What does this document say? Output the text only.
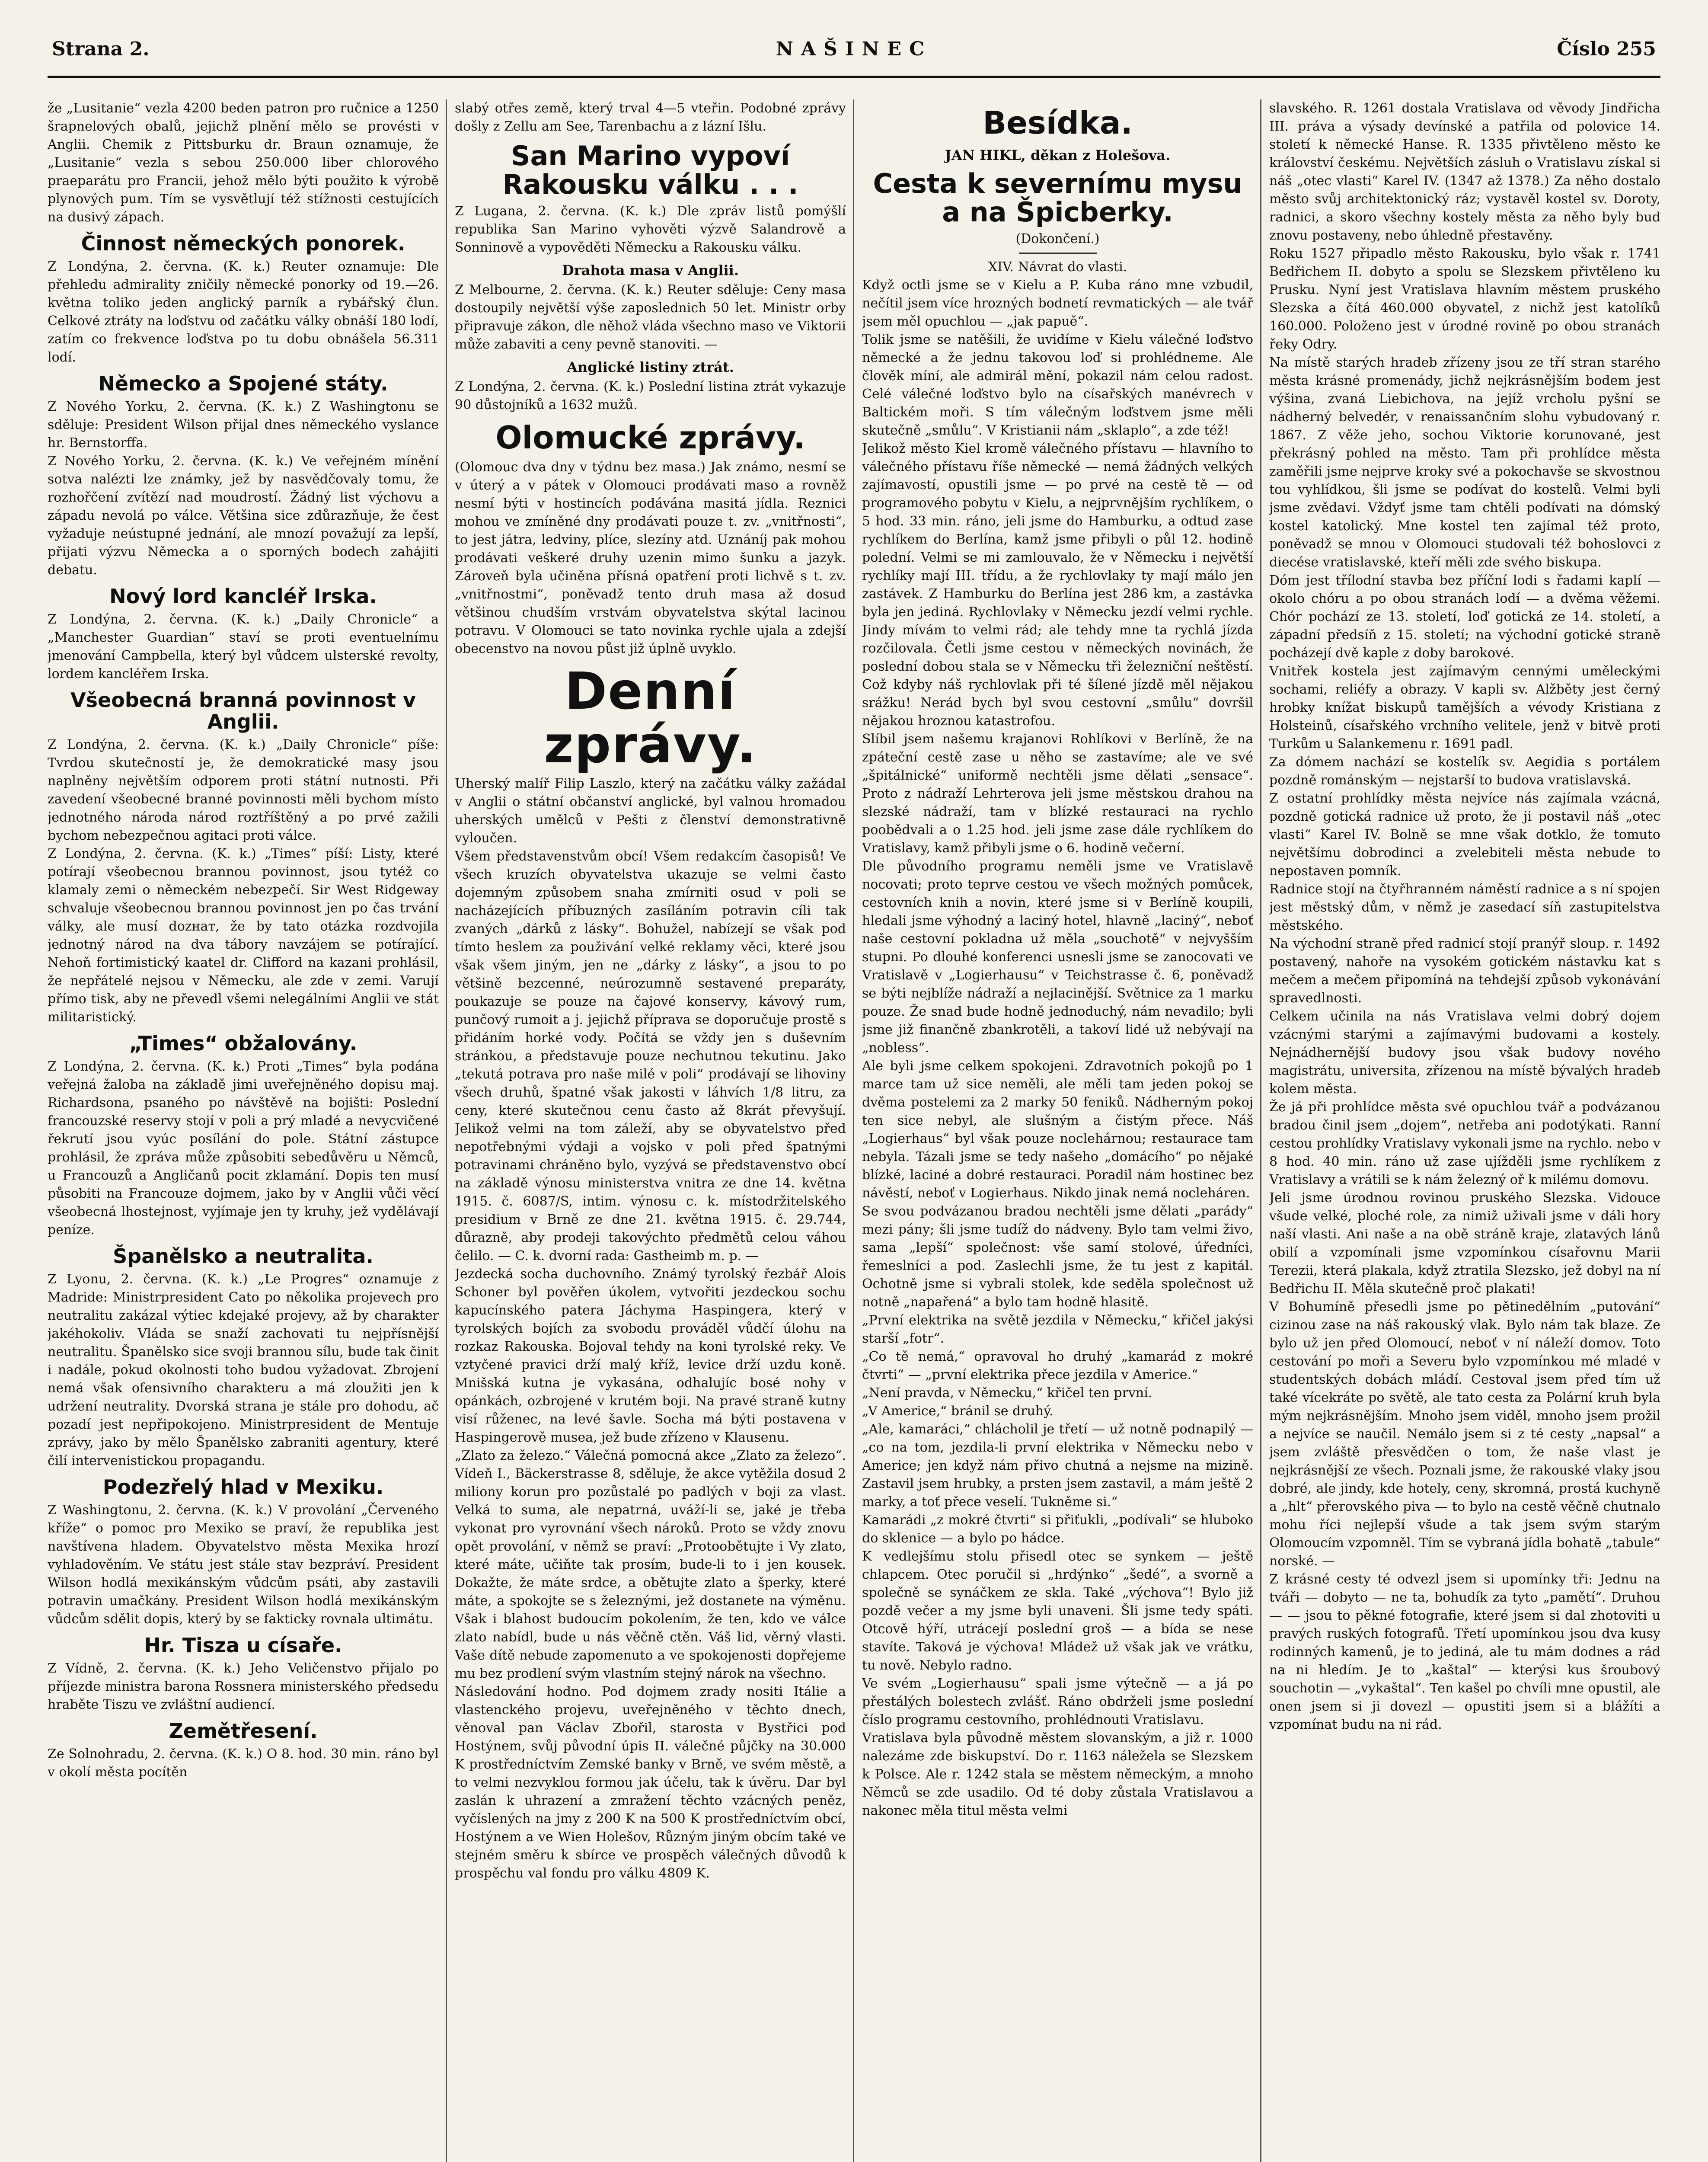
Strana 2.	NAŠINEC	Číslo 255

že „Lusitanie“ vezla 4200 beden patron pro ručnice a 1250 šrapnelových obalů, jejichž plnění mělo se provésti v Anglii. Chemik z Pittsburku dr. Braun oznamuje, že „Lusitanie“ vezla s sebou 250.000 liber chlorového praeparátu pro Francii, jehož mělo býti použito k výrobě plynových pum. Tím se vysvětlují též stížnosti cestujících na dusivý zápach.

Činnost německých ponorek.

Z Londýna, 2. června. (K. k.) Reuter oznamuje: Dle přehledu admirality zničily německé ponorky od 19.—26. května toliko jeden anglický parník a rybářský člun. Celkové ztráty na loďstvu od začátku války obnáší 180 lodí, zatím co frekvence loďstva po tu dobu obnášela 56.311 lodí.

Německo a Spojené státy.

Z Nového Yorku, 2. června. (K. k.) Z Washingtonu se sděluje: President Wilson přijal dnes německého vyslance hr. Bernstorffa.

Z Nového Yorku, 2. června. (K. k.) Ve veřejném mínění sotva nalézti lze známky, jež by nasvědčovaly tomu, že rozhořčení zvítězí nad moudrostí. Žádný list výchovu a západu nevolá po válce. Většina sice zdůrazňuje, že čest vyžaduje neústupné jednání, ale mnozí považují za lepší, přijati výzvu Německa a o sporných bodech zahájiti debatu.

Nový lord kancléř Irska.

Z Londýna, 2. června. (K. k.) „Daily Chronicle“ a „Manchester Guardian“ staví se proti eventuelnímu jmenování Campbella, který byl vůdcem ulsterské revolty, lordem kancléřem Irska.

Všeobecná branná povinnost v Anglii.

Z Londýna, 2. června. (K. k.) „Daily Chronicle“ píše: Tvrdou skutečností je, že demokratické masy jsou naplněny největším odporem proti státní nutnosti. Při zavedení všeobecné branné povinnosti měli bychom místo jednotného národa národ roztříštěný a po prvé zažili bychom nebezpečnou agitaci proti válce.

Z Londýna, 2. června. (K. k.) „Times“ píší: Listy, které potírají všeobecnou brannou povinnost, jsou tytéž co klamaly zemi o německém nebezpečí. Sir West Ridgeway schvaluje všeobecnou brannou povinnost jen po čas trvání války, ale musí dozнат, že by tato otázka rozdvojila jednotný národ na dva tábory navzájem se potírající. Nehoň fortimistický kaatel dr. Clifford na kazani prohlásil, že nepřátelé nejsou v Německu, ale zde v zemi. Varují přímo tisk, aby ne převedl všemi nelegálními Anglii ve stát militaristický.

„Times“ obžalovány.

Z Londýna, 2. června. (K. k.) Proti „Times“ byla podána veřejná žaloba na základě jimi uveřejněného dopisu maj. Richardsona, psaného po návštěvě na bojišti: Poslední francouzské reservy stojí v poli a prý mladé a nevycvičené řekrutí jsou vyúc posílání do pole. Státní zástupce prohlásil, že zpráva může způsobiti sebedůvěru u Němců, u Francouzů a Angličanů pocit zklamání. Dopis ten musí působiti na Francouze dojmem, jako by v Anglii vůči věcí všeobecná lhostejnost, vyjímaje jen ty kruhy, jež vydělávají peníze.

Španělsko a neutralita.

Z Lyonu, 2. června. (K. k.) „Le Progres“ oznamuje z Madride: Ministrpresident Cato po několika projevech pro neutralitu zakázal výtiec kdejaké projevy, až by charakter jakéhokoliv. Vláda se snaží zachovati tu nejpřísnější neutralitu. Španělsko sice svoji brannou sílu, bude tak činit i nadále, pokud okolnosti toho budou vyžadovat. Zbrojení nemá však ofensivního charakteru a má zloužiti jen k udržení neutrality. Dvorská strana je stále pro dohodu, ač pozadí jest nepřipokojeno. Ministrpresident de Mentuje zprávy, jako by mělo Španělsko zabraniti agentury, které čilí intervenistickou propagandu.

Podezřelý hlad v Mexiku.

Z Washingtonu, 2. června. (K. k.) V provolání „Červeného kříže“ o pomoc pro Mexiko se praví, že republika jest navštívena hladem. Obyvatelstvo města Mexika hrozí vyhladověním. Ve státu jest stále stav bezpráví. President Wilson hodlá mexikánským vůdcům psáti, aby zastavili potravin umačkány. President Wilson hodlá mexikánským vůdcům sdělit dopis, který by se fakticky rovnala ultimátu.

Hr. Tisza u císaře.

Z Vídně, 2. června. (K. k.) Jeho Veličenstvo přijalo po příjezde ministra barona Rossnera ministerského předsedu hraběte Tiszu ve zvláštní audiencí.

Zemětřesení.

Ze Solnohradu, 2. června. (K. k.) O 8. hod. 30 min. ráno byl v okolí města pocítěn

slabý otřes země, který trval 4—5 vteřin. Podobné zprávy došly z Zellu am See, Tarenbachu a z lázní Išlu.

San Marino vypoví Rakousku válku . . .

Z Lugana, 2. června. (K. k.) Dle zpráv listů pomýšlí republika San Marino vyhověti výzvě Salandrově a Sonninově a vypověděti Německu a Rakousku válku.

Drahota masa v Anglii.

Z Melbourne, 2. června. (K. k.) Reuter sděluje: Ceny masa dostoupily největší výše zaposlednich 50 let. Ministr orby připravuje zákon, dle něhož vláda všechno maso ve Viktorii může zabaviti a ceny pevně stanoviti. —

Anglické listiny ztrát.

Z Londýna, 2. června. (K. k.) Poslední listina ztrát vykazuje 90 důstojníků a 1632 mužů.

Olomucké zprávy.

(Olomouc dva dny v týdnu bez masa.) Jak známo, nesmí se v úterý a v pátek v Olomouci prodávati maso a rovněž nesmí býti v hostincích podávána masitá jídla. Reznici mohou ve zmíněné dny prodávati pouze t. zv. „vnitřnosti“, to jest játra, ledviny, plíce, slezíny atd. Uznáníj pak mohou prodávati veškeré druhy uzenin mimo šunku a jazyk. Zároveň byla učiněna přísná opatření proti lichvě s t. zv. „vnitřnostmi“, poněvadž tento druh masa až dosud většinou chudším vrstvám obyvatelstva skýtal lacinou potravu. V Olomouci se tato novinka rychle ujala a zdejší obecenstvo na novou půst již úplně uvyklo.

Denní zprávy.

Uherský malíř Filip Laszlo, který na začátku války zažádal v Anglii o státní občanství anglické, byl valnou hromadou uherských umělců v Pešti z členství demonstrativně vyloučen.

Všem představenstvům obcí! Všem redakcím časopisů! Ve všech kruzích obyvatelstva ukazuje se velmi často dojemným způsobem snaha zmírniti osud v poli se nacházejících příbuzných zasíláním potravin cíli tak zvaných „dárků z lásky“. Bohužel, nabízejí se však pod tímto heslem za použivání velké reklamy věci, které jsou však všem jiným, jen ne „dárky z lásky“, a jsou to po většině bezcenné, neúrozumně sestavené preparáty, poukazuje se pouze na čajové konservy, kávový rum, punčový rumoit a j. jejichž příprava se doporučuje prostě s přidáním horké vody. Počítá se vždy jen s duševním stránkou, a představuje pouze nechutnou tekutinu. Jako „tekutá potrava pro naše milé v poli“ prodávají se lihoviny všech druhů, špatné však jakosti v láhvích 1/8 litru, za ceny, které skutečnou cenu často až 8krát převyšují. Jelikož velmi na tom záleží, aby se obyvatelstvo před nepotřebnými výdaji a vojsko v poli před špatnými potravinami chráněno bylo, vyzývá se představenstvo obcí na základě výnosu ministerstva vnitra ze dne 14. května 1915. č. 6087/S, intim. výnosu c. k. místodržitelského presidium v Brně ze dne 21. května 1915. č. 29.744, důrazně, aby prodeji takovýchto předmětů celou váhou čelilo. — C. k. dvorní rada: Gastheimb m. p. —

Jezdecká socha duchovního. Známý tyrolský řezbář Alois Schoner byl pověřen úkolem, vytvořiti jezdeckou sochu kapucínského patera Jáchyma Haspingera, který v tyrolských bojích za svobodu prováděl vůdčí úlohu na rozkaz Rakouska. Bojoval tehdy na koni tyrolské reky. Ve vztyčené pravici drží malý kříž, levice drží uzdu koně. Mnišská kutna je vykasána, odhalujíc bosé nohy v opánkách, ozbrojené v krutém boji. Na pravé straně kutny visí růženec, na levé šavle. Socha má býti postavena v Haspingerově musea, jež bude zřízeno v Klausenu.

„Zlato za železo.“ Válečná pomocná akce „Zlato za železo“. Vídeň I., Bäckerstrasse 8, sděluje, že akce vytěžila dosud 2 miliony korun pro pozůstalé po padlých v boji za vlast. Velká to suma, ale nepatrná, uváží-li se, jaké je třeba vykonat pro vyrovnání všech nároků. Proto se vždy znovu opět provolání, v němž se praví: „Protoobětujte i Vy zlato, které máte, učiňte tak prosím, bude-li to i jen kousek. Dokažte, že máte srdce, a obětujte zlato a šperky, které máte, a spokojte se s železnými, jež dostanete na výměnu. Však i blahost budoucím pokolením, že ten, kdo ve válce zlato nabídl, bude u nás věčně ctěn. Váš lid, věrný vlasti. Vaše dítě nebude zapomenuto a ve spokojenosti dopřejeme mu bez prodlení svým vlastním stejný nárok na všechno.

Následování hodno. Pod dojmem zrady nositi Itálie a vlastenckého projevu, uveřejněného v těchto dnech, věnoval pan Václav Zbořil, starosta v Bystřici pod Hostýnem, svůj původní úpis II. válečné půjčky na 30.000 K prostředníctvím Zemské banky v Brně, ve svém městě, a to velmi nezvyklou formou jak účelu, tak k úvěru. Dar byl zaslán k uhrazení a zmražení těchto vzácných peněz, vyčíslených na jmy z 200 K na 500 K prostředníctvím obcí, Hostýnem a ve Wien Holešov, Různým jiným obcím také ve stejném směru k sbírce ve prospěch válečných důvodů k prospěchu val fondu pro válku 4809 K.

Besídka.
JAN HIKL, děkan z Holešova.
Cesta k severnímu mysu a na Špicberky.

(Dokončení.)

XIV. Návrat do vlasti.

Když octli jsme se v Kielu a P. Kuba ráno mne vzbudil, nečítil jsem více hrozných bodnetí revmatických — ale tvář jsem měl opuchlou — „jak papuě“.

Tolik jsme se natěšili, že uvidíme v Kielu válečné loďstvo německé a že jednu takovou loď si prohlédneme. Ale člověk míní, ale admirál mění, pokazil nám celou radost. Celé válečné loďstvo bylo na císařských manévrech v Baltickém moři. S tím válečným loďstvem jsme měli skutečně „smůlu“. V Kristianii nám „sklaplo“, a zde též!

Jelikož město Kiel kromě válečného přístavu — hlavního to válečného přístavu říše německé — nemá žádných velkých zajímavostí, opustili jsme — po prvé na cestě tě — od programového pobytu v Kielu, a nejprvnějším rychlíkem, o 5 hod. 33 min. ráno, jeli jsme do Hamburku, a odtud zase rychlíkem do Berlína, kamž jsme přibyli o půl 12. hodině polední. Velmi se mi zamlouvalo, že v Německu i největší rychlíky mají III. třídu, a že rychlovlaky ty mají málo jen zastávek. Z Hamburku do Berlína jest 286 km, a zastávka byla jen jediná. Rychlovlaky v Německu jezdí velmi rychle. Jindy mívám to velmi rád; ale tehdy mne ta rychlá jízda rozčilovala. Četli jsme cestou v německých novinách, že poslední dobou stala se v Německu tři železniční neštěstí. Což kdyby náš rychlovlak při té šílené jízdě měl nějakou srážku! Nerád bych byl svou cestovní „smůlu“ dovršil nějakou hroznou katastrofou.

Slíbil jsem našemu krajanovi Rohlíkovi v Berlíně, že na zpáteční cestě zase u něho se zastavíme; ale ve své „špitálnické“ uniformě nechtěli jsme dělati „sensace“. Proto z nádraží Lehrterova jeli jsme městskou drahou na slezské nádraží, tam v blízké restauraci na rychlo poobědvali a o 1.25 hod. jeli jsme zase dále rychlíkem do Vratislavy, kamž přibyli jsme o 6. hodině večerní.

Dle původního programu neměli jsme ve Vratislavě nocovati; proto teprve cestou ve všech možných pomůcek, cestovních knih a novin, které jsme si v Berlíně koupili, hledali jsme výhodný a laciný hotel, hlavně „laciný“, neboť naše cestovní pokladna už měla „souchotě“ v nejvyšším stupni. Po dlouhé konferenci usnesli jsme se zanocovati ve Vratislavě v „Logierhausu“ v Teichstrasse č. 6, poněvadž se býti nejblíže nádraží a nejlacinější. Světnice za 1 marku pouze. Že snad bude hodně jednoduchý, nám nevadilo; byli jsme již finančně zbankrotěli, a takoví lidé už nebývají na „nobless“.

Ale byli jsme celkem spokojeni. Zdravotních pokojů po 1 marce tam už sice neměli, ale měli tam jeden pokoj se dvěma postelemi za 2 marky 50 feniků. Nádherným pokoj ten sice nebyl, ale slušným a čistým přece. Náš „Logierhaus“ byl však pouze noclehárnou; restaurace tam nebyla. Tázali jsme se tedy našeho „domácího“ po nějaké blízké, laciné a dobré restauraci. Poradil nám hostinec bez návěstí, neboť v Logierhaus. Nikdo jinak nemá nocleháren.

Se svou podvázanou bradou nechtěli jsme dělati „parády“ mezi pány; šli jsme tudíž do nádveny. Bylo tam velmi živo, sama „lepší“ společnost: vše samí stolové, úředníci, řemeslníci a pod. Zaslechli jsme, že tu jest z kapitál. Ochotně jsme si vybrali stolek, kde seděla společnost už notně „napařená“ a bylo tam hodně hlasitě.

„První elektrika na světě jezdila v Německu,“ křičel jakýsi starší „fotr“.

„Co tě nemá,“ opravoval ho druhý „kamarád z mokré čtvrti“ — „první elektrika přece jezdila v Americe.“

„Není pravda, v Německu,“ křičel ten první.

„V Americe,“ bránil se druhý.

„Ale, kamaráci,“ chlácholil je třetí — už notně podnapilý — „co na tom, jezdila-li první elektrika v Německu nebo v Americe; jen když nám přivo chutná a nejsme na mizině. Zastavil jsem hrubky, a prsten jsem zastavil, a mám ještě 2 marky, a toť přece veselí. Tukněme si.“

Kamarádi „z mokré čtvrti“ si přiťukli, „podívali“ se hluboko do sklenice — a bylo po hádce.

K vedlejšímu stolu přisedl otec se synkem — ještě chlapcem. Otec poručil si „hrdýnko“ „šedé“, a svorně a společně se synáčkem ze skla. Také „výchova“! Bylo již pozdě večer a my jsme byli unaveni. Šli jsme tedy spáti. Otcově hýří, utrácejí poslední groš — a bída se nese stavíte. Taková je výchova! Mládež už však jak ve vrátku, tu nově. Nebylo radno.

Ve svém „Logierhausu“ spali jsme výtečně — a já po přestálých bolestech zvlášť. Ráno obdrželi jsme poslední číslo programu cestovního, prohlédnouti Vratislavu.

Vratislava byla původně městem slovanským, a již r. 1000 nalezáme zde biskupství. Do r. 1163 náležela se Slezskem k Polsce. Ale r. 1242 stala se městem německým, a mnoho Němců se zde usadilo. Od té doby zůstala Vratislavou a nakonec měla titul města velmi

slavského. R. 1261 dostala Vratislava od věvody Jindřicha III. práva a výsady devínské a patřila od polovice 14. století k německé Hanse. R. 1335 přivtěleno město ke království českému. Největších zásluh o Vratislavu získal si náš „otec vlasti“ Karel IV. (1347 až 1378.) Za něho dostalo město svůj architektonický ráz; vystavěl kostel sv. Doroty, radnici, a skoro všechny kostely města za něho byly buď znovu postaveny, nebo úhledně přestavěny.

Roku 1527 připadlo město Rakousku, bylo však r. 1741 Bedřichem II. dobyto a spolu se Slezskem přivtěleno ku Prusku. Nyní jest Vratislava hlavním městem pruského Slezska a čítá 460.000 obyvatel, z nichž jest katolíků 160.000. Položeno jest v úrodné rovině po obou stranách řeky Odry.

Na místě starých hradeb zřízeny jsou ze tří stran starého města krásné promenády, jichž nejkrásnějším bodem jest výšina, zvaná Liebichova, na jejíž vrcholu pyšní se nádherný belvedér, v renaissančním slohu vybudovaný r. 1867. Z věže jeho, sochou Viktorie korunované, jest překrásný pohled na město. Tam při prohlídce města zaměřili jsme nejprve kroky své a pokochavše se skvostnou tou vyhlídkou, šli jsme se podívat do kostelů. Velmi byli jsme zvědavi. Vždyť jsme tam chtěli podívati na dómský kostel katolický. Mne kostel ten zajímal též proto, poněvadž se mnou v Olomouci studovali též bohoslovci z diecése vratislavské, kteří měli zde svého biskupa.

Dóm jest třílodní stavba bez příční lodi s řadami kaplí — okolo chóru a po obou stranách lodí — a dvěma věžemi. Chór pochází ze 13. století, loď gotická ze 14. století, a západní předsíň z 15. století; na východní gotické straně pocházejí dvě kaple z doby barokové.

Vnitřek kostela jest zajímavým cennými uměleckými sochami, reliéfy a obrazy. V kapli sv. Alžběty jest černý hrobky knížat biskupů tamějších a vévody Kristiana z Holsteinů, císařského vrchního velitele, jenž v bitvě proti Turkům u Salankemenu r. 1691 padl.

Za dómem nachází se kostelík sv. Aegidia s portálem pozdně románským — nejstarší to budova vratislavská.

Z ostatní prohlídky města nejvíce nás zajímala vzácná, pozdně gotická radnice už proto, že ji postavil náš „otec vlasti“ Karel IV. Bolně se mne však dotklo, že tomuto největšímu dobrodinci a zvelebiteli města nebude to nepostaven pomník.

Radnice stojí na čtyřhranném náměstí radnice a s ní spojen jest městský dům, v němž je zasedací síň zastupitelstva městského.

Na východní straně před radnicí stojí pranýř sloup. r. 1492 postavený, nahoře na vysokém gotickém nástavku kat s mečem a mečem připomíná na tehdejší způsob vykonávání spravedlnosti.

Celkem učinila na nás Vratislava velmi dobrý dojem vzácnými starými a zajímavými budovami a kostely. Nejnádhernější budovy jsou však budovy nového magistrátu, universita, zřízenou na místě bývalých hradeb kolem města.

Že já při prohlídce města své opuchlou tvář a podvázanou bradou činil jsem „dojem“, netřeba ani podotýkati. Ranní cestou prohlídky Vratislavy vykonali jsme na rychlo. nebo v 8 hod. 40 min. ráno už zase ujížděli jsme rychlíkem z Vratislavy a vrátili se k nám železný oř k milému domovu.

Jeli jsme úrodnou rovinou pruského Slezska. Vidouce všude velké, ploché role, za nimiž uživali jsme v dáli hory naší vlasti. Ani naše a na obě stráně kraje, zlatavých lánů obilí a vzpomínali jsme vzpomínkou císařovnu Marii Terezii, která plakala, když ztratila Slezsko, jež dobyl na ní Bedřichu II. Měla skutečně proč plakati!

V Bohumíně přesedli jsme po pětinedělním „putování“ cizinou zase na náš rakouský vlak. Bylo nám tak blaze. Ze bylo už jen před Olomoucí, neboť v ní náleží domov. Toto cestování po moři a Severu bylo vzpomínkou mé mladé v studentských dobách mládí. Cestoval jsem před tím už také vícekráte po světě, ale tato cesta za Polární kruh byla mým nejkrásnějším. Mnoho jsem viděl, mnoho jsem prožil a nejvíce se naučil. Nemálo jsem si z té cesty „napsal“ a jsem zvláště přesvědčen o tom, že naše vlast je nejkrásnější ze všech. Poznali jsme, že rakouské vlaky jsou dobré, ale jindy, kde hotely, ceny, skromná, prostá kuchyně a „hlt“ přerovského piva — to bylo na cestě věčně chutnalo mohu říci nejlepší všude a tak jsem svým starým Olomoucím vzpomněl. Tím se vybraná jídla bohatě „tabule“ norské. —

Z krásné cesty té odvezl jsem si upomínky tři: Jednu na tváři — dobyto — ne ta, bohudík za tyto „pamětí“. Druhou — — jsou to pěkné fotografie, které jsem si dal zhotoviti u pravých ruských fotografů. Třetí upomínkou jsou dva kusy rodinných kamenů, je to jediná, ale tu mám dodnes a rád na ni hledím. Je to „kaštal“ — kterýsi kus šroubový souchotin — „vykaštal“. Ten kašel po chvíli mne opustil, ale onen jsem si ji dovezl — opustiti jsem si a blážíti a vzpomínat budu na ni rád.
